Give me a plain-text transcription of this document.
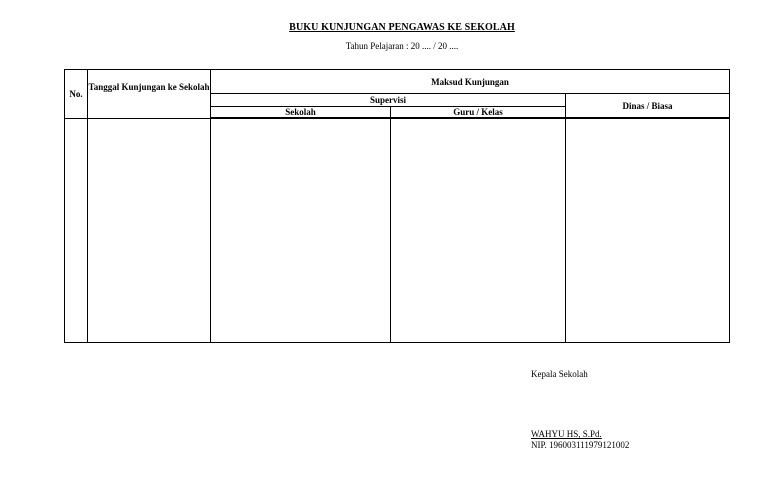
BUKU KUNJUNGAN PENGAWAS KE SEKOLAH
Tahun Pelajaran : 20 .... / 20 ....
No.	Tanggal Kunjungan ke Sekolah	Maksud Kunjungan		
		Supervisi		Dinas / Biasa
		Sekolah	Guru / Kelas	

Kepala Sekolah
WAHYU HS, S.Pd.
NIP. 196003111979121002
